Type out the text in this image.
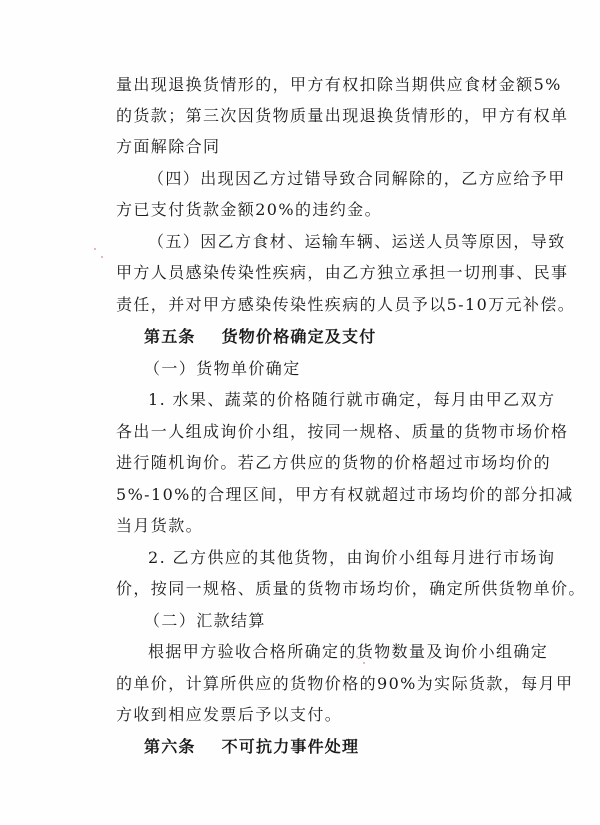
量出现退换货情形的，甲方有权扣除当期供应食材金额5%
的货款；第三次因货物质量出现退换货情形的，甲方有权单
方面解除合同
（四）出现因乙方过错导致合同解除的，乙方应给予甲
方已支付货款金额20%的违约金。
（五）因乙方食材、运输车辆、运送人员等原因，导致
甲方人员感染传染性疾病，由乙方独立承担一切刑事、民事
责任，并对甲方感染传染性疾病的人员予以5-10万元补偿。
第五条 货物价格确定及支付
（一）货物单价确定
1. 水果、蔬菜的价格随行就市确定，每月由甲乙双方
各出一人组成询价小组，按同一规格、质量的货物市场价格
进行随机询价。若乙方供应的货物的价格超过市场均价的
5%-10%的合理区间，甲方有权就超过市场均价的部分扣减
当月货款。
2. 乙方供应的其他货物，由询价小组每月进行市场询
价，按同一规格、质量的货物市场均价，确定所供货物单价。
（二）汇款结算
根据甲方验收合格所确定的货物数量及询价小组确定
的单价，计算所供应的货物价格的90%为实际货款，每月甲
方收到相应发票后予以支付。
第六条 不可抗力事件处理
